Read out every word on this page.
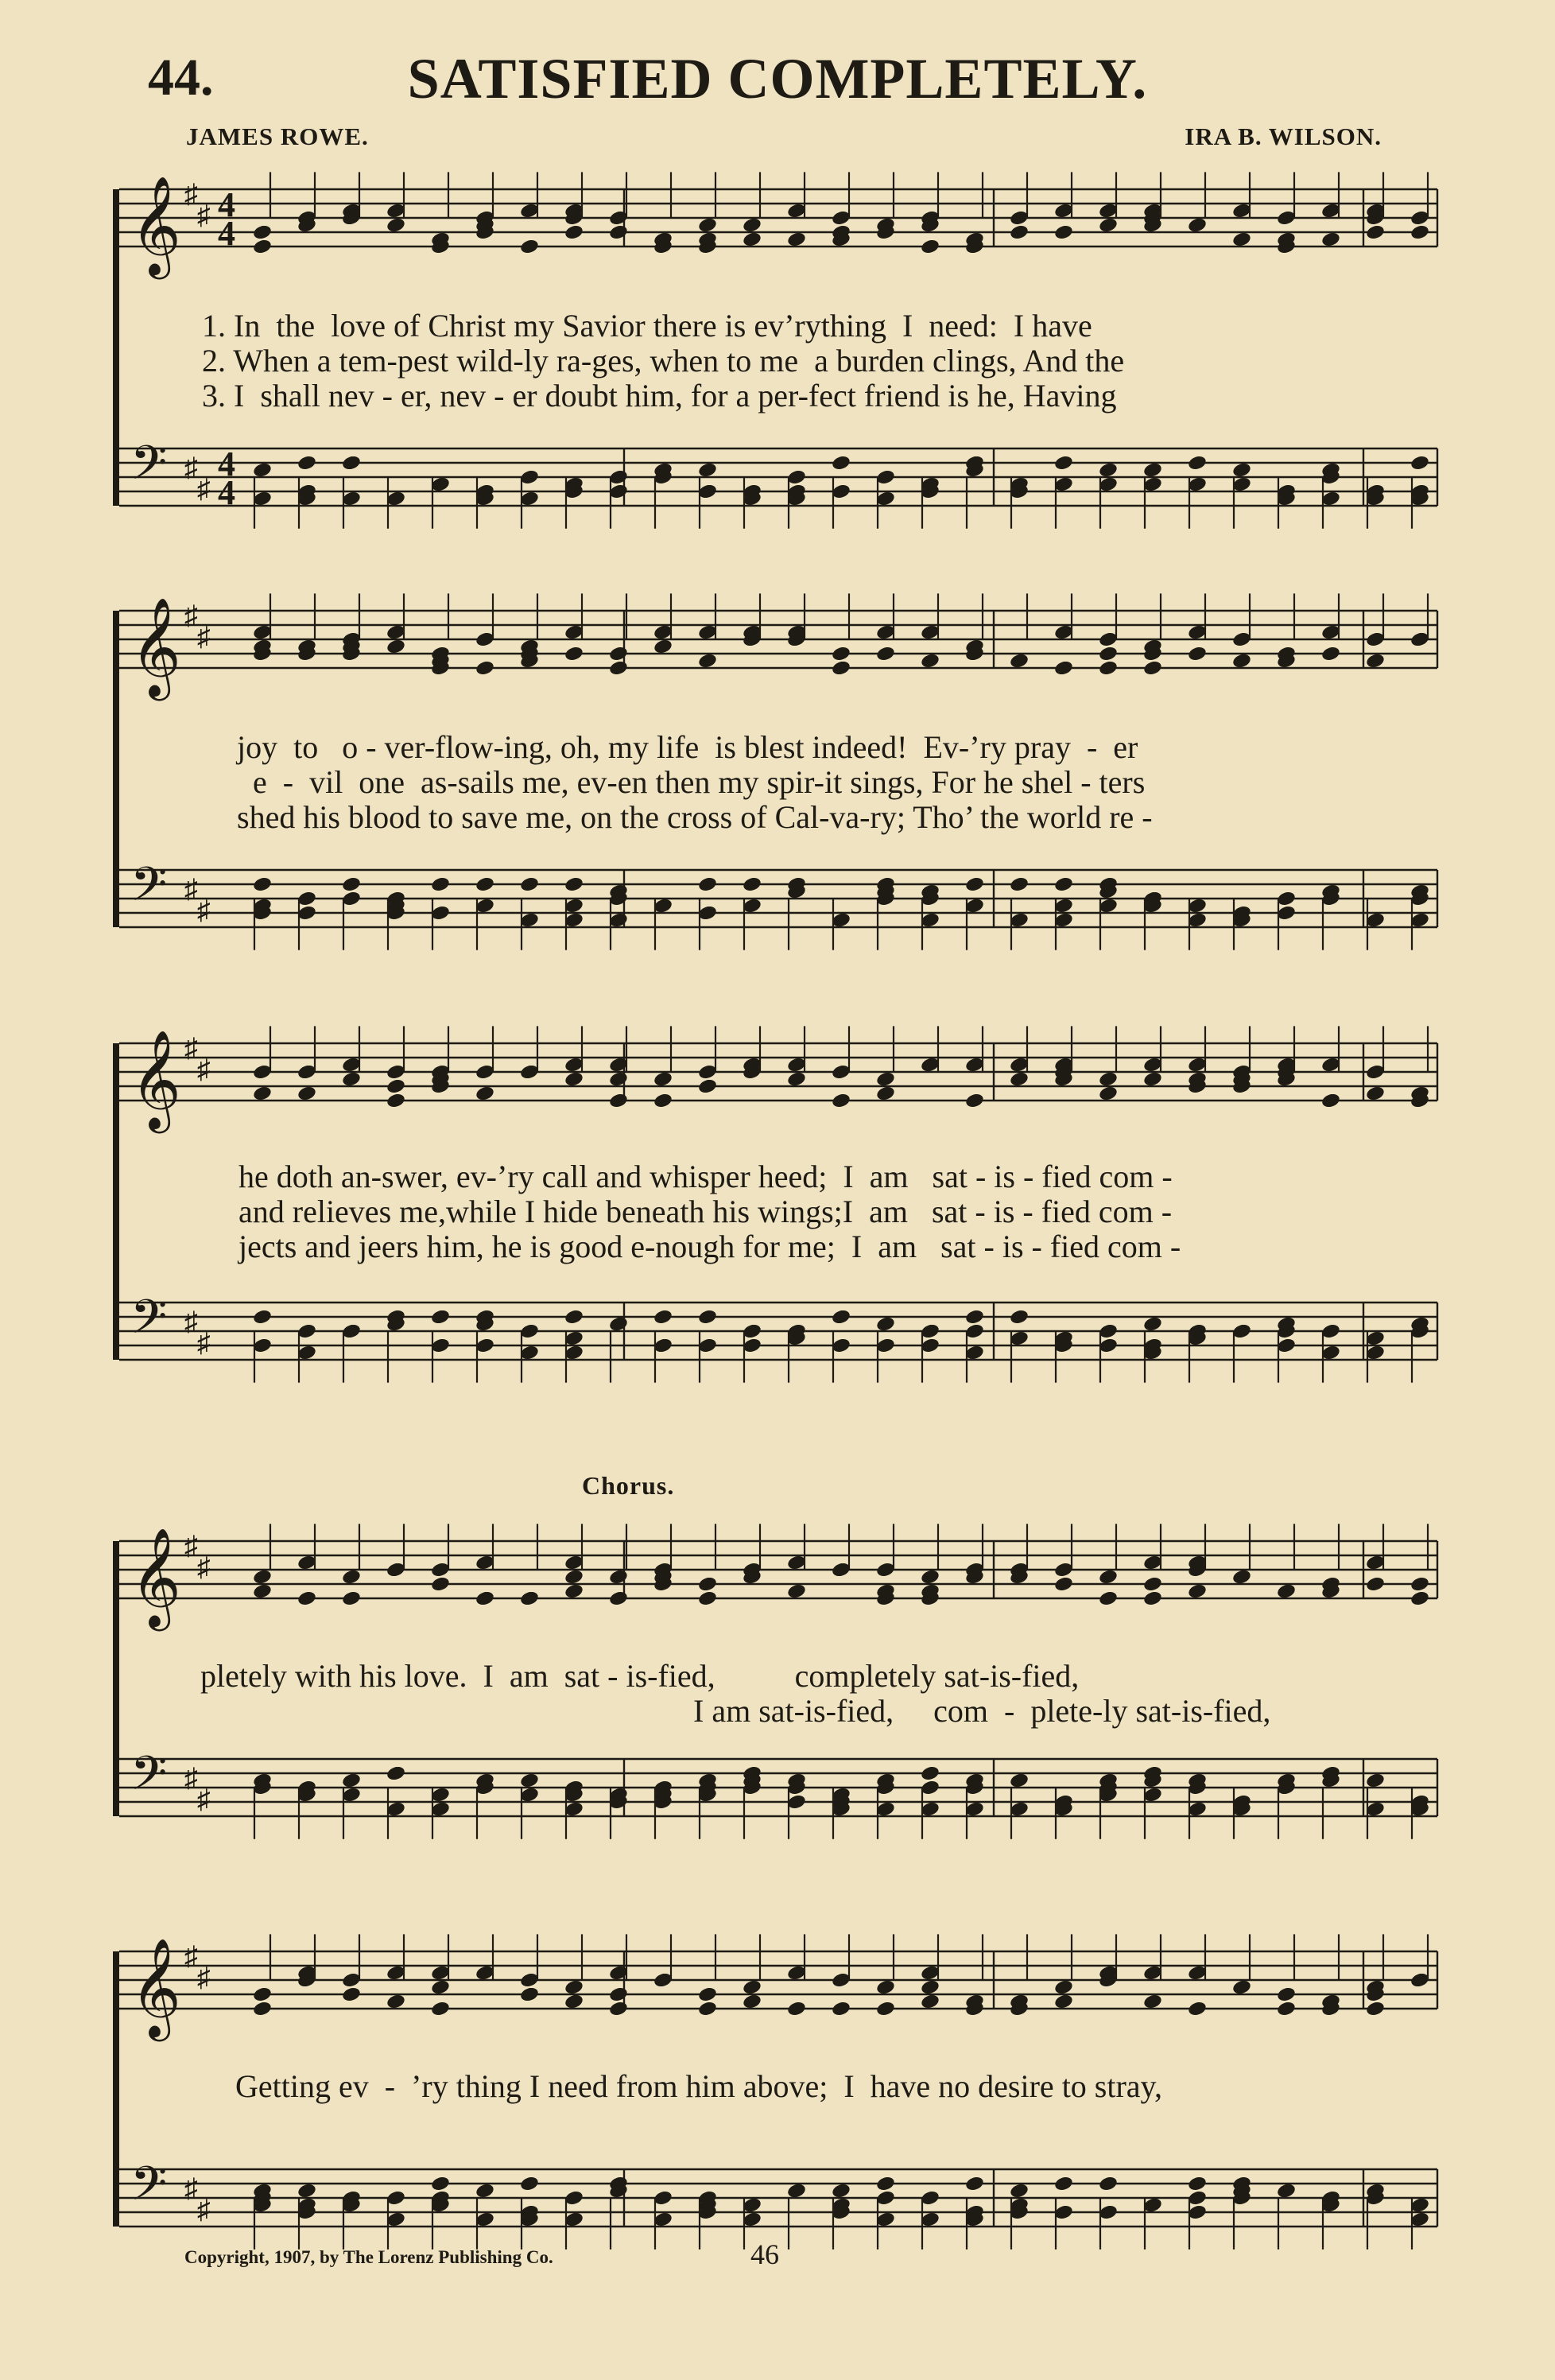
44.	SATISFIED COMPLETELY.
JAMES ROWE.	IRA B. WILSON.
𝄞 ♯
♯ 4
4
𝄢 ♯
♯
4
4
𝄞 ♯
♯
𝄢 ♯
♯
𝄞 ♯
♯
𝄢 ♯
♯
𝄞 ♯
♯
𝄢 ♯
♯
𝄞 ♯
♯
𝄢 ♯
♯
1. In  the  love of Christ my Savior there is ev’rything  I  need:  I have
2. When a tem-pest wild-ly ra-ges, when to me  a burden clings, And the
3. I  shall nev - er, nev - er doubt him, for a per-fect friend is he, Having
joy  to   o - ver-flow-ing, oh, my life  is blest indeed!  Ev-’ry pray  -  er
e  -  vil  one  as-sails me, ev-en then my spir-it sings, For he shel - ters
shed his blood to save me, on the cross of Cal-va-ry; Tho’ the world re -
he doth an-swer, ev-’ry call and whisper heed;  I  am   sat - is - fied com -
and relieves me,while I hide beneath his wings;I  am   sat - is - fied com -
jects and jeers him, he is good e-nough for me;  I  am   sat - is - fied com -
Chorus.
pletely with his love.  I  am  sat - is-fied,          completely sat-is-fied,
I am sat-is-fied,     com  -  plete-ly sat-is-fied,
Getting ev  -  ’ry thing I need from him above;  I  have no desire to stray,
Copyright, 1907, by The Lorenz Publishing Co.	46
